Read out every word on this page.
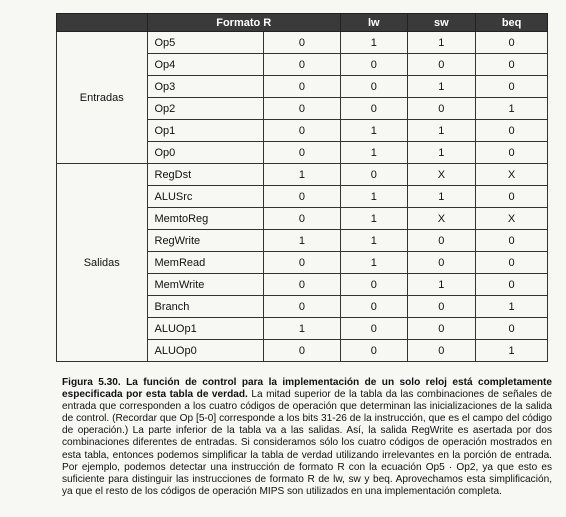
	Formato R		lw	sw	beq
Entradas	Op5	0	1	1	0
	Op4	0	0	0	0
	Op3	0	0	1	0
	Op2	0	0	0	1
	Op1	0	1	1	0
	Op0	0	1	1	0
Salidas	RegDst	1	0	X	X
	ALUSrc	0	1	1	0
	MemtoReg	0	1	X	X
	RegWrite	1	1	0	0
	MemRead	0	1	0	0
	MemWrite	0	0	1	0
	Branch	0	0	0	1
	ALUOp1	1	0	0	0
	ALUOp0	0	0	0	1
Figura 5.30. La función de control para la implementación de un solo reloj está completamente especificada por esta tabla de verdad. La mitad superior de la tabla da las combinaciones de señales de entrada que corresponden a los cuatro códigos de operación que determinan las inicializaciones de la salida de control. (Recordar que Op [5-0] corresponde a los bits 31-26 de la instrucción, que es el campo del código de operación.) La parte inferior de la tabla va a las salidas. Así, la salida RegWrite es asertada por dos combinaciones diferentes de entradas. Si consideramos sólo los cuatro códigos de operación mostrados en esta tabla, entonces podemos simplificar la tabla de verdad utilizando irrelevantes en la porción de entrada. Por ejemplo, podemos detectar una instrucción de formato R con la ecuación Op5 · Op2, ya que esto es suficiente para distinguir las instrucciones de formato R de lw, sw y beq. Aprovechamos esta simplificación, ya que el resto de los códigos de operación MIPS son utilizados en una implementación completa.
